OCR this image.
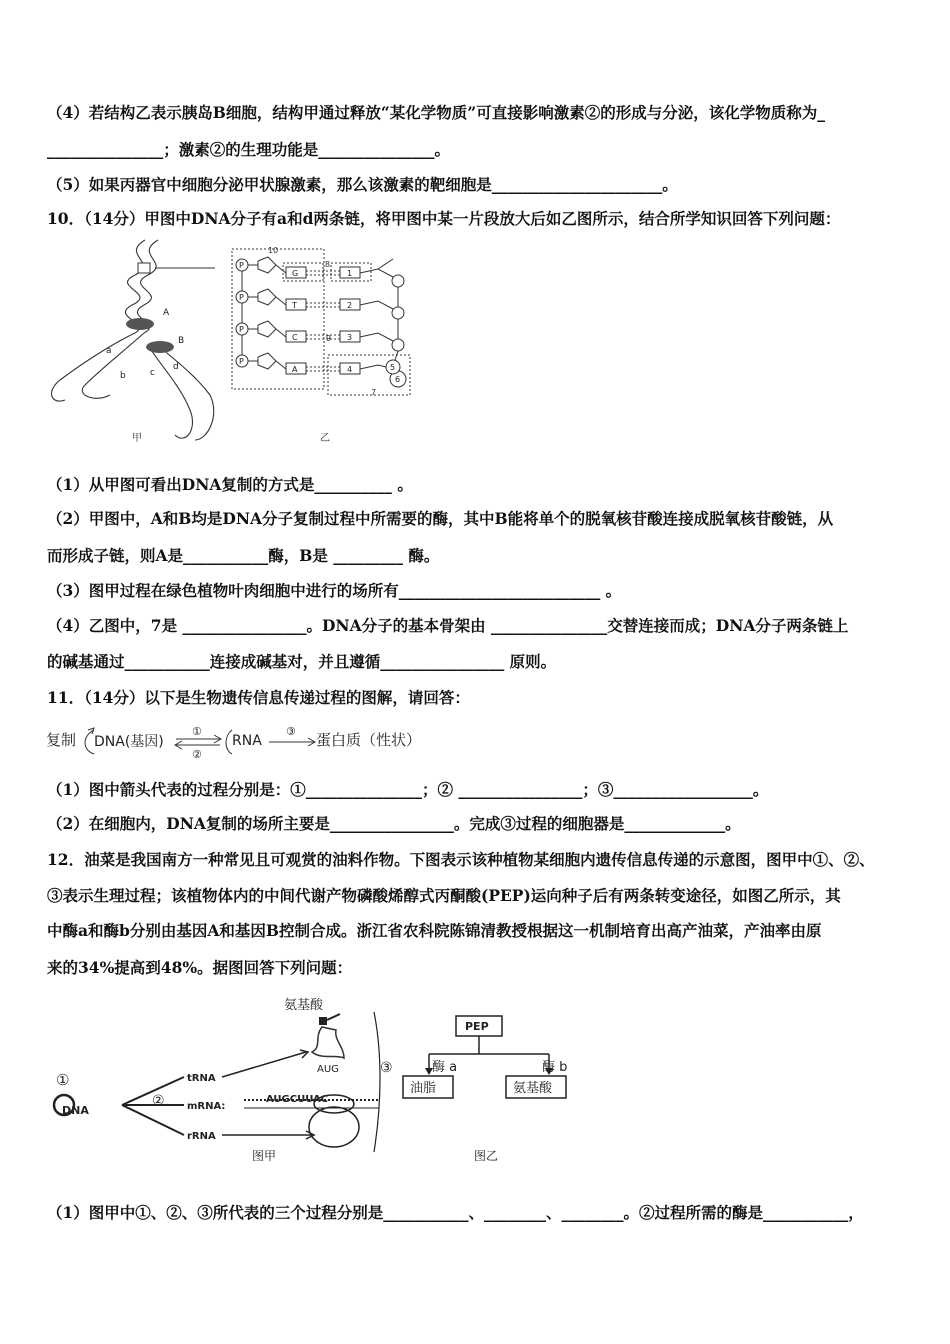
（4）若结构乙表示胰岛B细胞，结构甲通过释放“某化学物质”可直接影响激素②的形成与分泌，该化学物质称为_
_______________；激素②的生理功能是_______________。
（5）如果丙器官中细胞分泌甲状腺激素，那么该激素的靶细胞是______________________。
10．（14分）甲图中DNA分子有a和d两条链，将甲图中某一片段放大后如乙图所示，结合所学知识回答下列问题：
A
B
a
b	c
d
甲
10
8
7
P
P
P
P
G
T
C
A
1
2
3
4
9
5
6
乙
（1）从甲图可看出DNA复制的方式是__________ 。
（2）甲图中，A和B均是DNA分子复制过程中所需要的酶，其中B能将单个的脱氧核苷酸连接成脱氧核苷酸链，从
而形成子链，则A是___________酶，B是 _________ 酶。
（3）图甲过程在绿色植物叶肉细胞中进行的场所有__________________________ 。
（4）乙图中，7是 ________________。DNA分子的基本骨架由 _______________交替连接而成；DNA分子两条链上
的碱基通过___________连接成碱基对，并且遵循________________ 原则。
11．（14分）以下是生物遗传信息传递过程的图解，请回答：
复制 DNA(基因)
①
②
RNA
③ 蛋白质（性状）
（1）图中箭头代表的过程分别是：①_______________；② ________________；③__________________。
（2）在细胞内，DNA复制的场所主要是________________。完成③过程的细胞器是_____________。
12．油菜是我国南方一种常见且可观赏的油料作物。下图表示该种植物某细胞内遗传信息传递的示意图，图甲中①、②、
③表示生理过程；该植物体内的中间代谢产物磷酸烯醇式丙酮酸(PEP)运向种子后有两条转变途径，如图乙所示，其
中酶a和酶b分别由基因A和基因B控制合成。浙江省农科院陈锦清教授根据这一机制培育出高产油菜，产油率由原
来的34%提高到48%。据图回答下列问题：
氨基酸
AUG
①
DNA
②
tRNA
mRNA:
rRNA
AUGCUUAC
③
图甲
PEP
酶 a	酶 b
油脂	氨基酸
图乙
（1）图甲中①、②、③所代表的三个过程分别是___________、________、________。②过程所需的酶是___________，
